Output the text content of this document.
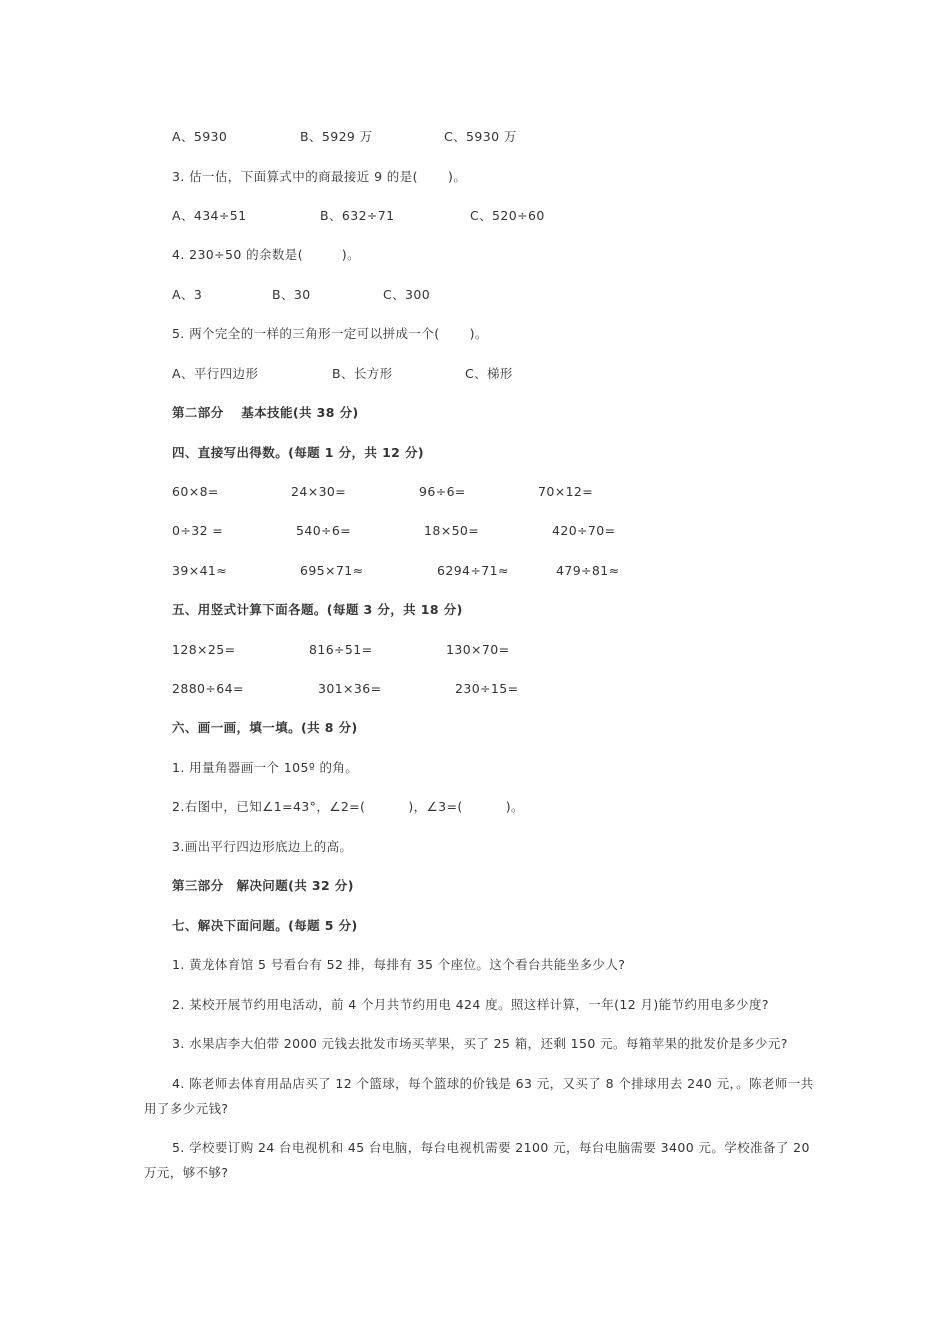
A、5930	B、5929 万	C、5930 万
3. 估一估，下面算式中的商最接近 9 的是(　　 )。
A、434÷51	B、632÷71	C、520÷60
4. 230÷50 的余数是(　　　)。
A、3	B、30	C、300
5. 两个完全的一样的三角形一定可以拼成一个(　　 )。
A、平行四边形	B、长方形	C、梯形
第二部分　 基本技能(共 38 分)
四、直接写出得数。(每题 1 分，共 12 分)
60×8=	24×30=	96÷6=	70×12=
0÷32 =	540÷6=	18×50=	420÷70=
39×41≈	695×71≈	6294÷71≈	479÷81≈
五、用竖式计算下面各题。(每题 3 分，共 18 分)
128×25=	816÷51=	130×70=
2880÷64=	301×36=	230÷15=
六、画一画，填一填。(共 8 分)
1. 用量角器画一个 105º 的角。
2.右图中，已知∠1=43°，∠2=(　　　 )，∠3=(　　 　)。
3.画出平行四边形底边上的高。
第三部分　解决问题(共 32 分)
七、解决下面问题。(每题 5 分)
1. 黄龙体育馆 5 号看台有 52 排，每排有 35 个座位。这个看台共能坐多少人?
2. 某校开展节约用电活动，前 4 个月共节约用电 424 度。照这样计算，一年(12 月)能节约用电多少度?
3. 水果店李大伯带 2000 元钱去批发市场买苹果，买了 25 箱，还剩 150 元。每箱苹果的批发价是多少元?
4. 陈老师去体育用品店买了 12 个篮球，每个篮球的价钱是 63 元，又买了 8 个排球用去 240 元，。陈老师一共用了多少元钱?
5. 学校要订购 24 台电视机和 45 台电脑，每台电视机需要 2100 元，每台电脑需要 3400 元。学校准备了 20 万元，够不够?
